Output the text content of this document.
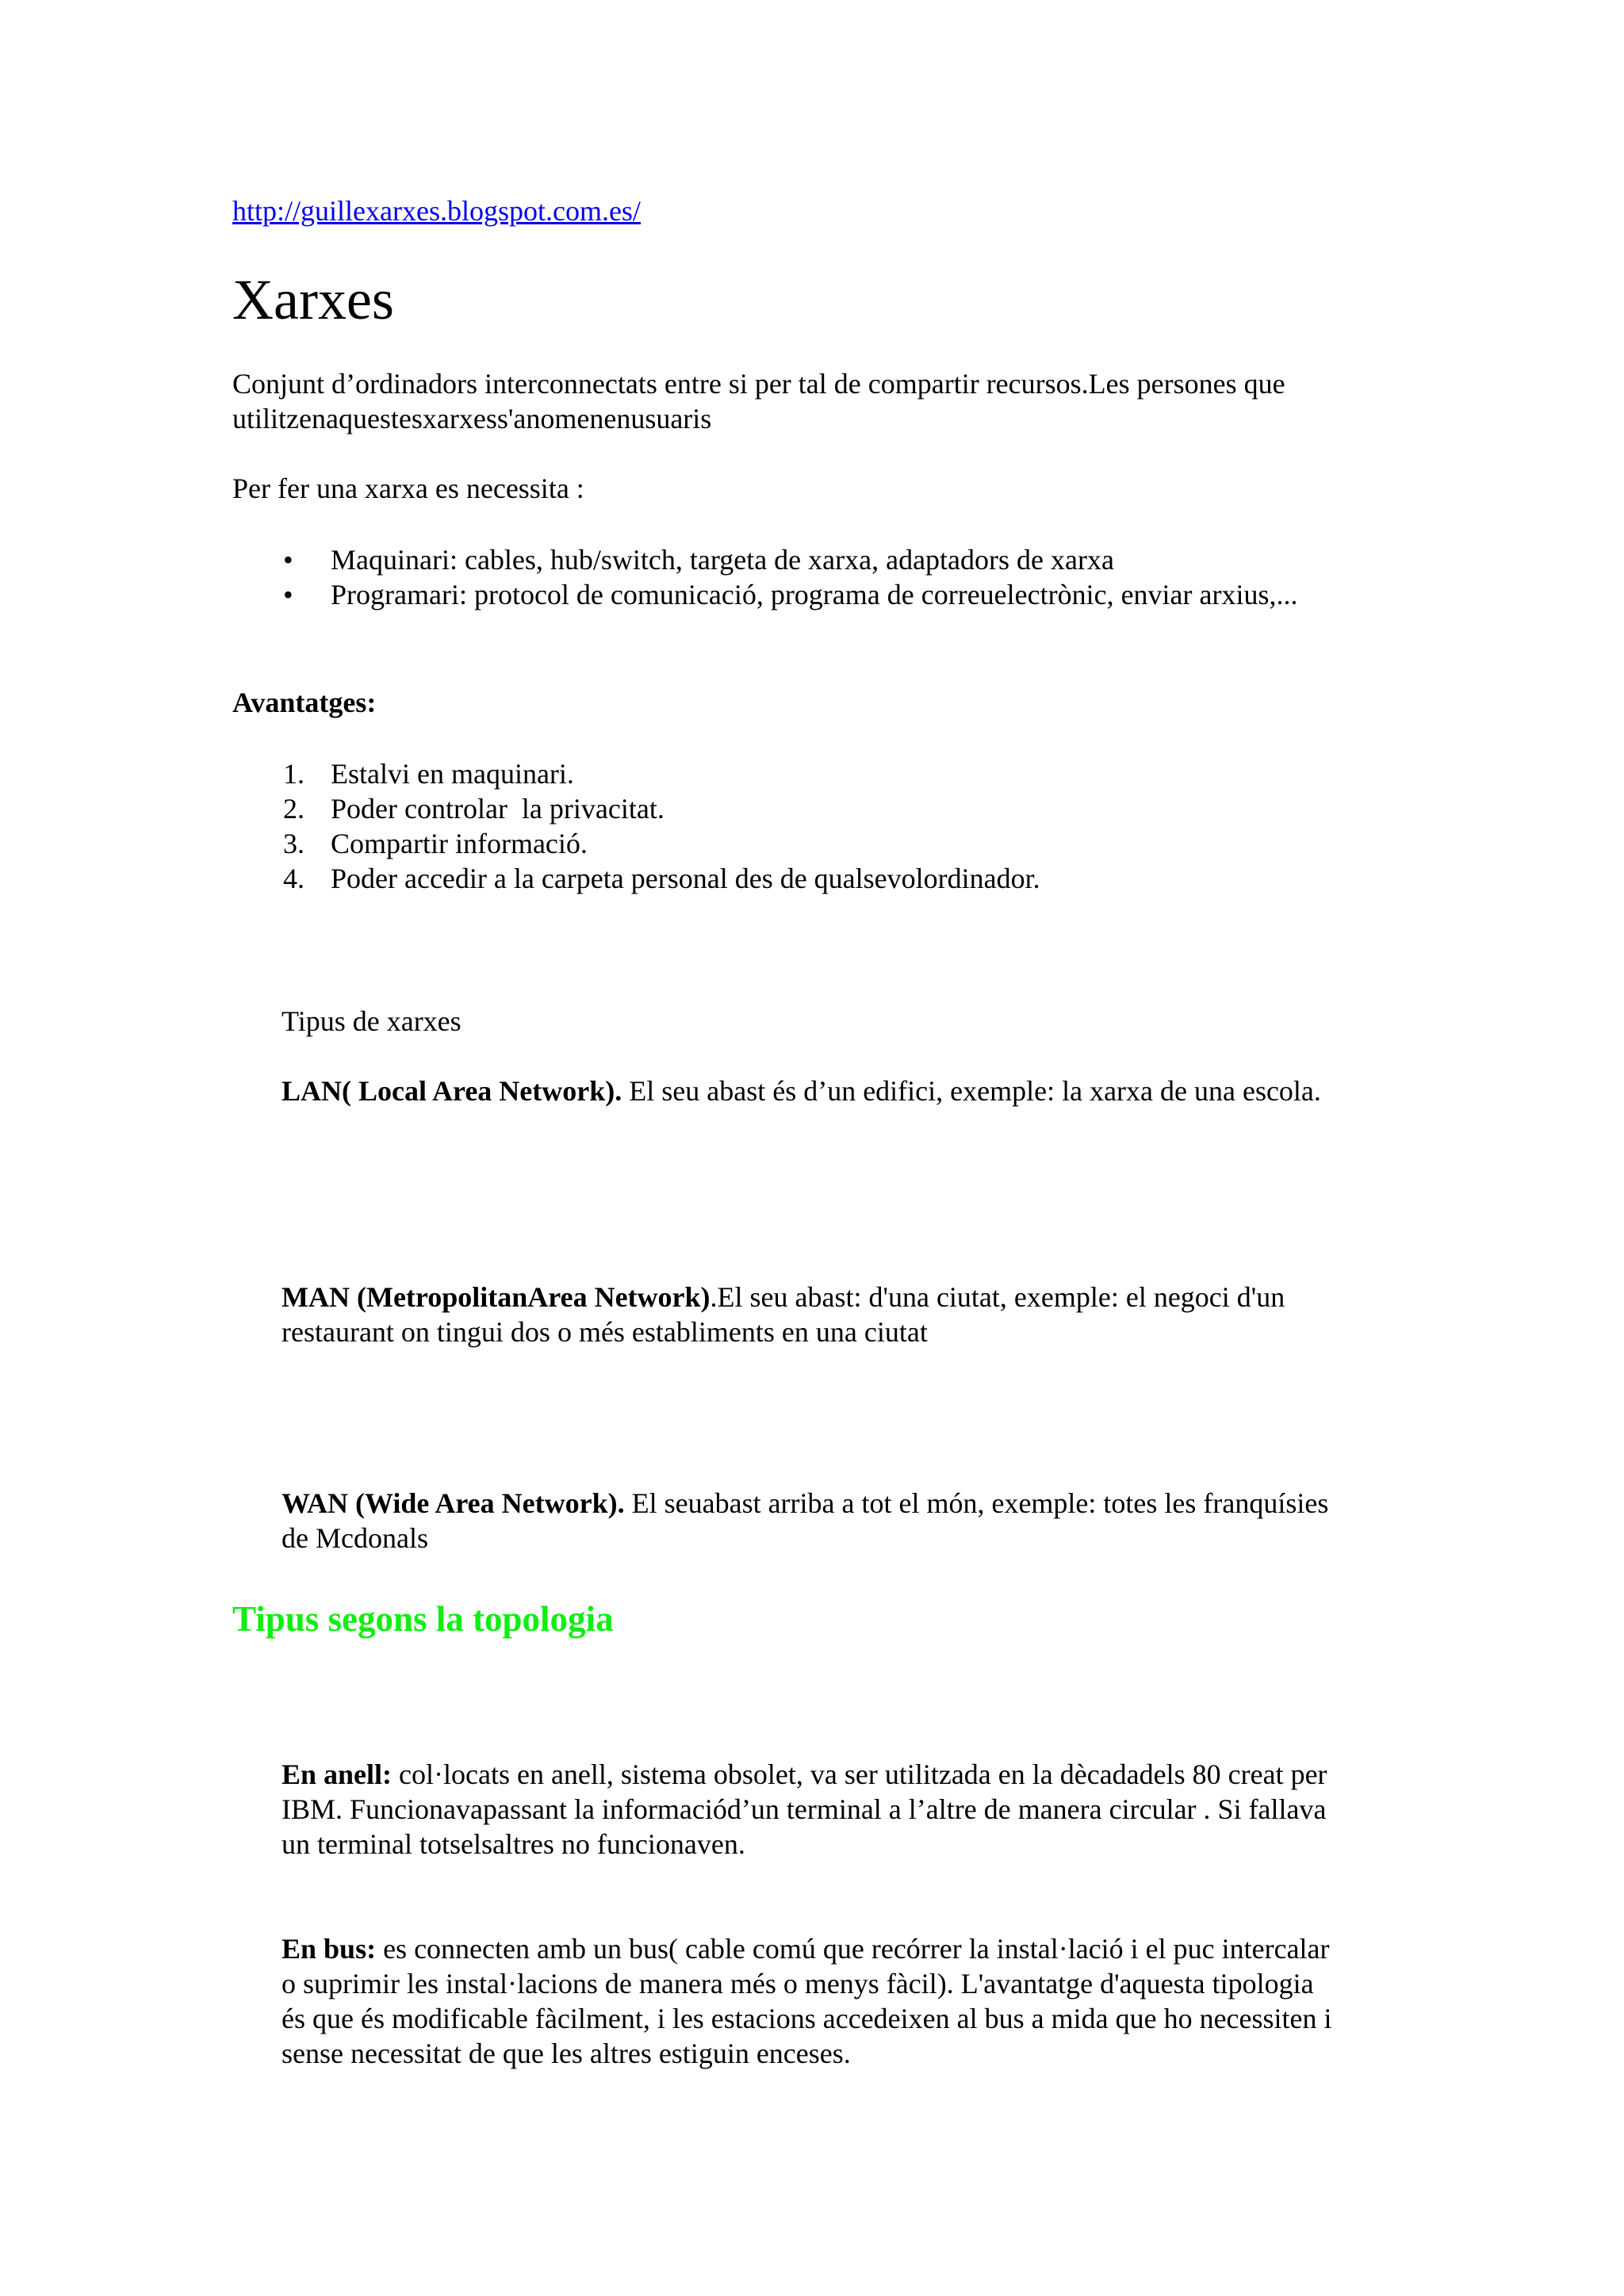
http://guillexarxes.blogspot.com.es/
Xarxes
Conjunt d’ordinadors interconnectats entre si per tal de compartir recursos.Les persones que
utilitzenaquestesxarxess'anomenenusuaris
Per fer una xarxa es necessita :
• Maquinari: cables, hub/switch, targeta de xarxa, adaptadors de xarxa
• Programari: protocol de comunicació, programa de correuelectrònic, enviar arxius,...
Avantatges:
1. Estalvi en maquinari.
2. Poder controlar  la privacitat.
3. Compartir informació.
4. Poder accedir a la carpeta personal des de qualsevolordinador.
Tipus de xarxes
LAN( Local Area Network). El seu abast és d’un edifici, exemple: la xarxa de una escola.
MAN (MetropolitanArea Network).El seu abast: d'una ciutat, exemple: el negoci d'un
restaurant on tingui dos o més establiments en una ciutat
WAN (Wide Area Network). El seuabast arriba a tot el món, exemple: totes les franquísies
de Mcdonals
Tipus segons la topologia
En anell: col·locats en anell, sistema obsolet, va ser utilitzada en la dècadadels 80 creat per
IBM. Funcionavapassant la informaciód’un terminal a l’altre de manera circular . Si fallava
un terminal totselsaltres no funcionaven.
En bus: es connecten amb un bus( cable comú que recórrer la instal·lació i el puc intercalar
o suprimir les instal·lacions de manera més o menys fàcil). L'avantatge d'aquesta tipologia
és que és modificable fàcilment, i les estacions accedeixen al bus a mida que ho necessiten i
sense necessitat de que les altres estiguin enceses.
